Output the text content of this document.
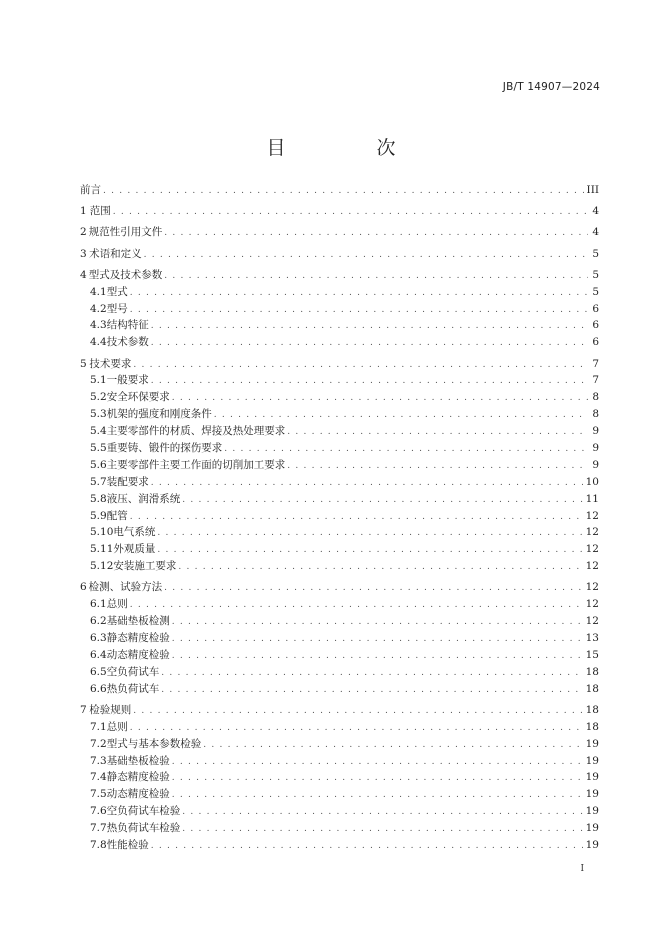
JB/T 14907—2024
目　次
前言 . . .	III
1 范围 . . .	4
2 规范性引用文件 . . .	4
3 术语和定义 . . .	5
4 型式及技术参数 . . .	5
4.1 型式 . . .	5
4.2 型号 . . .	6
4.3 结构特征 . . .	6
4.4 技术参数 . . .	6
5 技术要求 . . .	7
5.1 一般要求 . . .	7
5.2 安全环保要求 . . .	8
5.3 机架的强度和刚度条件 . . .	8
5.4 主要零部件的材质、焊接及热处理要求 . . .	9
5.5 重要铸、锻件的探伤要求 . . .	9
5.6 主要零部件主要工作面的切削加工要求 . . .	9
5.7 装配要求 . . .	10
5.8 液压、润滑系统 . . .	11
5.9 配管 . . .	12
5.10 电气系统 . . .	12
5.11 外观质量 . . .	12
5.12 安装施工要求 . . .	12
6 检测、试验方法 . . .	12
6.1 总则 . . .	12
6.2 基础垫板检测 . . .	12
6.3 静态精度检验 . . .	13
6.4 动态精度检验 . . .	15
6.5 空负荷试车 . . .	18
6.6 热负荷试车 . . .	18
7 检验规则 . . .	18
7.1 总则 . . .	18
7.2 型式与基本参数检验 . . .	19
7.3 基础垫板检验 . . .	19
7.4 静态精度检验 . . .	19
7.5 动态精度检验 . . .	19
7.6 空负荷试车检验 . . .	19
7.7 热负荷试车检验 . . .	19
7.8 性能检验 . . .	19
I
